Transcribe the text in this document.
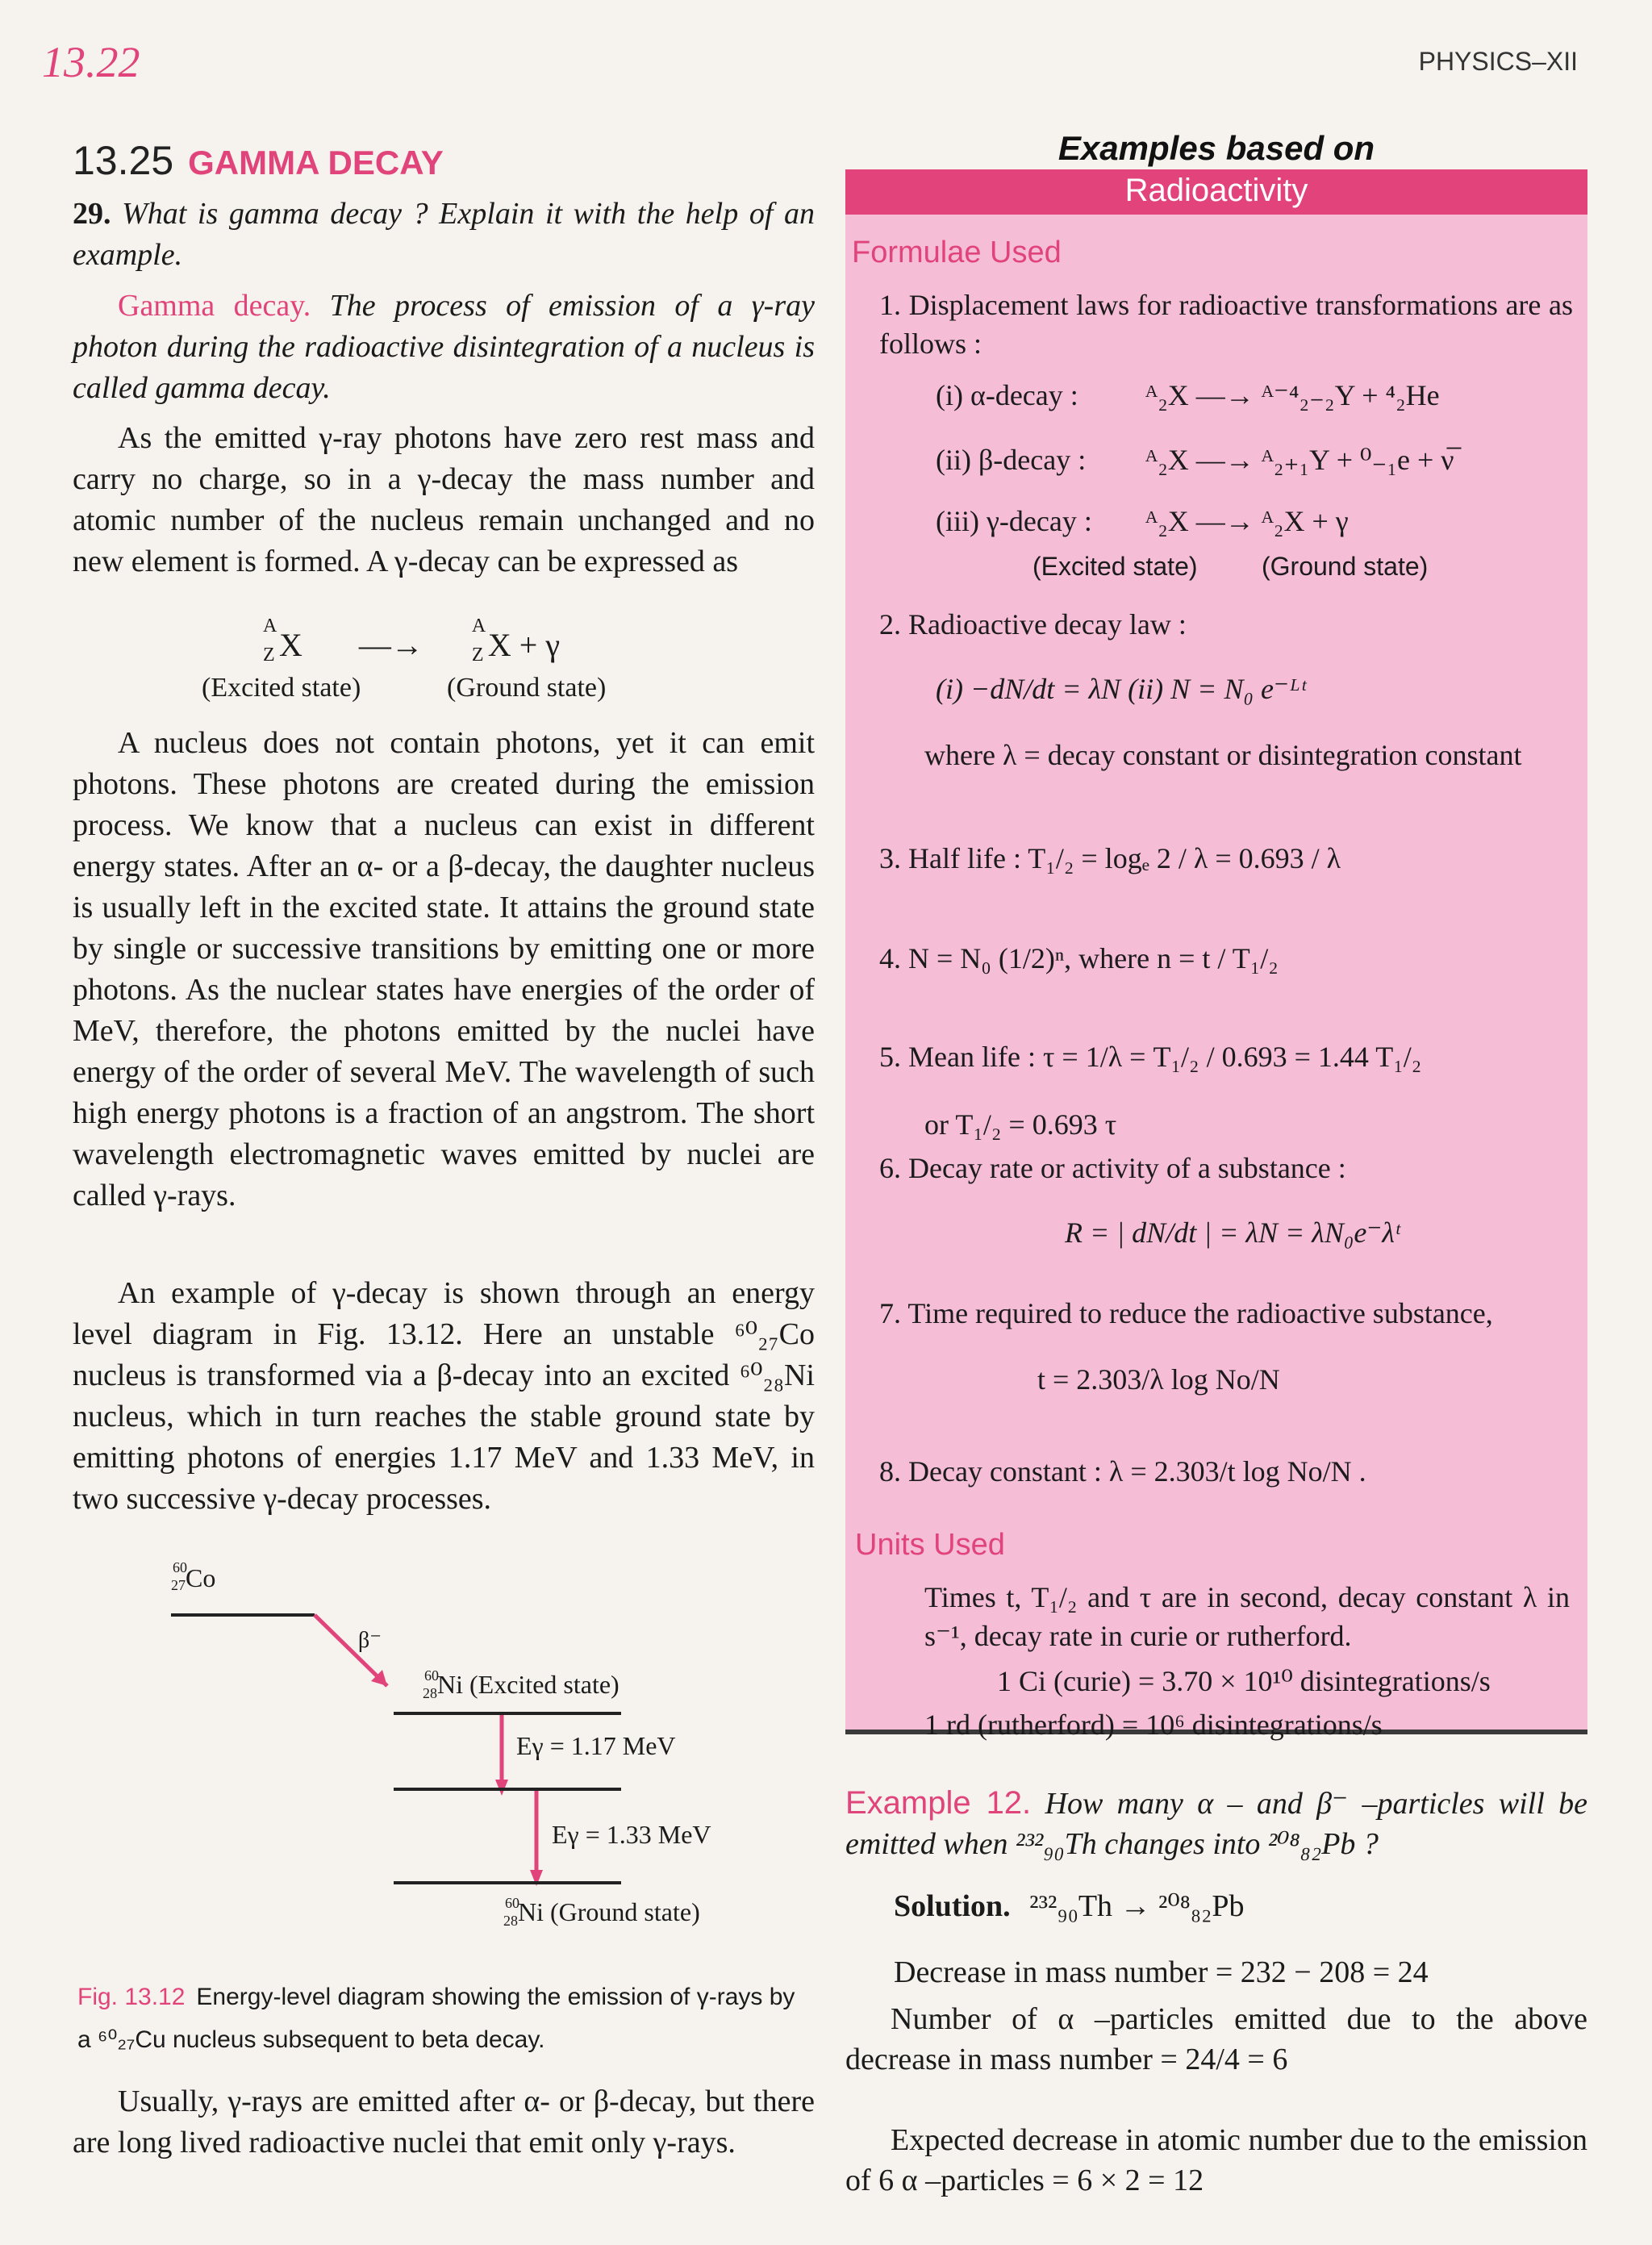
13.22	PHYSICS–XII
13.25 GAMMA DECAY
29. What is gamma decay ? Explain it with the help of an example.
Gamma decay. The process of emission of a γ-ray photon during the radioactive disintegration of a nucleus is called gamma decay.
As the emitted γ-ray photons have zero rest mass and carry no charge, so in a γ-decay the mass number and atomic number of the nucleus remain unchanged and no new element is formed. A γ-decay can be expressed as
A
Z X —→
A
Z X + γ
(Excited state)	(Ground state)
A nucleus does not contain photons, yet it can emit photons. These photons are created during the emission process. We know that a nucleus can exist in different energy states. After an α- or a β-decay, the daughter nucleus is usually left in the excited state. It attains the ground state by single or successive transitions by emitting one or more photons. As the nuclear states have energies of the order of MeV, therefore, the photons emitted by the nuclei have energy of the order of several MeV. The wavelength of such high energy photons is a fraction of an angstrom. The short wavelength electromagnetic waves emitted by nuclei are called γ-rays.
An example of γ-decay is shown through an energy level diagram in Fig. 13.12. Here an unstable ⁶⁰₂₇Co nucleus is transformed via a β-decay into an excited ⁶⁰₂₈Ni nucleus, which in turn reaches the stable ground state by emitting photons of energies 1.17 MeV and 1.33 MeV, in two successive γ-decay processes.
$^{60}$27Co
β⁻
$^{60}$28Ni (Excited state)
Eγ = 1.17 MeV
Eγ = 1.33 MeV
$^{60}$28Ni (Ground state)
Fig. 13.12 Energy-level diagram showing the emission of γ-rays by a ⁶⁰₂₇Cu nucleus subsequent to beta decay.
Usually, γ-rays are emitted after α- or β-decay, but there are long lived radioactive nuclei that emit only γ-rays.
Examples based on
Radioactivity
Formulae Used
1. Displacement laws for radioactive transformations are as follows :
(i) α-decay : ᴬ₂X —→ ᴬ⁻⁴₂₋₂Y + ⁴₂He
(ii) β-decay : ᴬ₂X —→ ᴬ₂₊₁Y + ⁰₋₁e + ν̅
(iii) γ-decay : ᴬ₂X —→ ᴬ₂X + γ
(Excited state) (Ground state)
2. Radioactive decay law :
(i) −dN/dt = λN (ii) N = N₀ e⁻ᴸᵗ
where λ = decay constant or disintegration constant
3. Half life : T₁/₂ = logₑ 2 / λ = 0.693 / λ
4. N = N₀ (1/2)ⁿ, where n = t / T₁/₂
5. Mean life : τ = 1/λ = T₁/₂ / 0.693 = 1.44 T₁/₂
or T₁/₂ = 0.693 τ
6. Decay rate or activity of a substance :
R = | dN/dt | = λN = λN₀e⁻λᵗ
7. Time required to reduce the radioactive substance,
t = 2.303/λ log No/N
8. Decay constant : λ = 2.303/t log No/N .
Units Used
Times t, T₁/₂ and τ are in second, decay constant λ in s⁻¹, decay rate in curie or rutherford.
1 Ci (curie) = 3.70 × 10¹⁰ disintegrations/s
1 rd (rutherford) = 10⁶ disintegrations/s
Example 12. How many α – and β⁻ –particles will be emitted when ²³²₉₀Th changes into ²⁰⁸₈₂Pb ?
Solution. ²³²₉₀Th → ²⁰⁸₈₂Pb
Decrease in mass number = 232 − 208 = 24
Number of α –particles emitted due to the above decrease in mass number = 24/4 = 6
Expected decrease in atomic number due to the emission of 6 α –particles = 6 × 2 = 12
